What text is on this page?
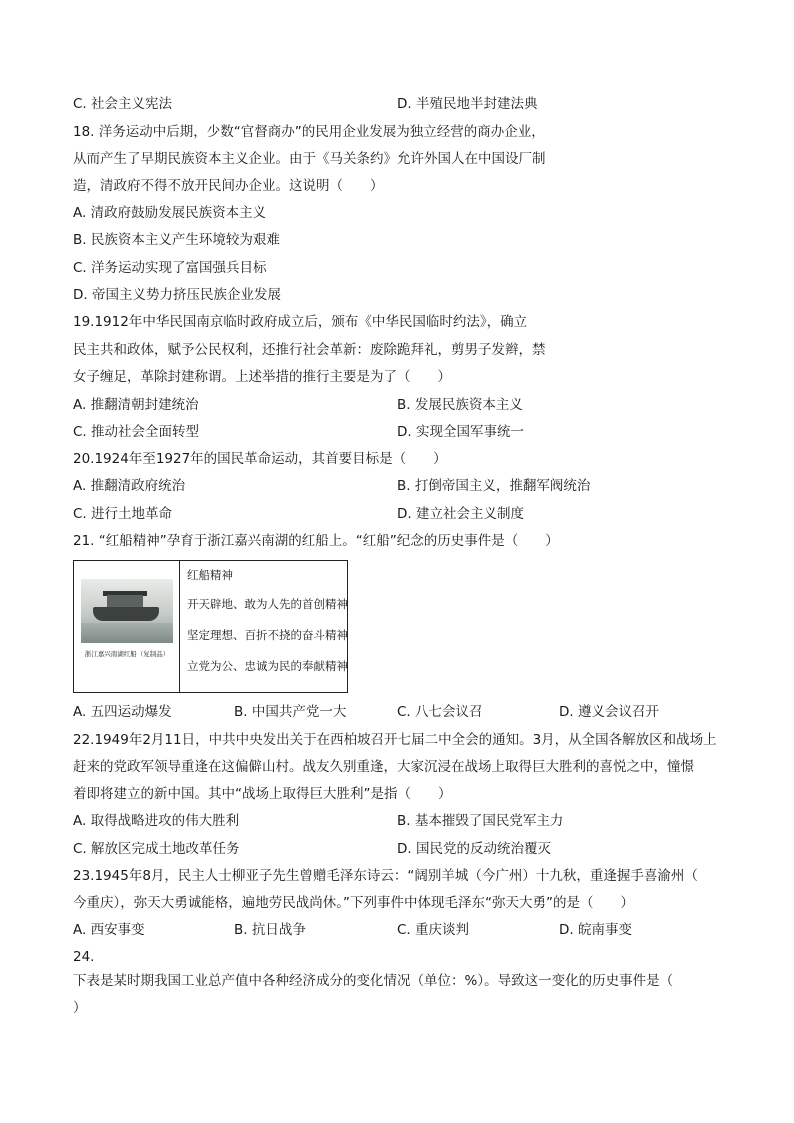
C. 社会主义宪法	D. 半殖民地半封建法典
18. 洋务运动中后期，少数“官督商办”的民用企业发展为独立经营的商办企业，
从而产生了早期民族资本主义企业。由于《马关条约》允许外国人在中国设厂制
造，清政府不得不放开民间办企业。这说明（　　）
A. 清政府鼓励发展民族资本主义
B. 民族资本主义产生环境较为艰难
C. 洋务运动实现了富国强兵目标
D. 帝国主义势力挤压民族企业发展
19.1912年中华民国南京临时政府成立后，颁布《中华民国临时约法》，确立
民主共和政体，赋予公民权利，还推行社会革新：废除跪拜礼，剪男子发辫，禁
女子缠足，革除封建称谓。上述举措的推行主要是为了（　　）
A. 推翻清朝封建统治	B. 发展民族资本主义
C. 推动社会全面转型	D. 实现全国军事统一
20.1924年至1927年的国民革命运动，其首要目标是（　　）
A. 推翻清政府统治	B. 打倒帝国主义，推翻军阀统治
C. 进行土地革命	D. 建立社会主义制度
21. “红船精神”孕育于浙江嘉兴南湖的红船上。“红船”纪念的历史事件是（　　）
浙江嘉兴南湖红船（复制品）
红船精神
开天辟地、敢为人先的首创精神
坚定理想、百折不挠的奋斗精神
立党为公、忠诚为民的奉献精神
A. 五四运动爆发	B. 中国共产党一大	C. 八七会议召	D. 遵义会议召开
22.1949年2月11日，中共中央发出关于在西柏坡召开七届二中全会的通知。3月，从全国各解放区和战场上
赶来的党政军领导重逢在这偏僻山村。战友久别重逢，大家沉浸在战场上取得巨大胜利的喜悦之中，憧憬
着即将建立的新中国。其中“战场上取得巨大胜利”是指（　　）
A. 取得战略进攻的伟大胜利	B. 基本摧毁了国民党军主力
C. 解放区完成土地改革任务	D. 国民党的反动统治覆灭
23.1945年8月，民主人士柳亚子先生曾赠毛泽东诗云：“阔别羊城（今广州）十九秋，重逢握手喜渝州（
今重庆），弥天大勇诚能格，遍地劳民战尚休。”下列事件中体现毛泽东“弥天大勇”的是（　　）
A. 西安事变	B. 抗日战争	C. 重庆谈判	D. 皖南事变
24.
下表是某时期我国工业总产值中各种经济成分的变化情况（单位：%）。导致这一变化的历史事件是（
）
